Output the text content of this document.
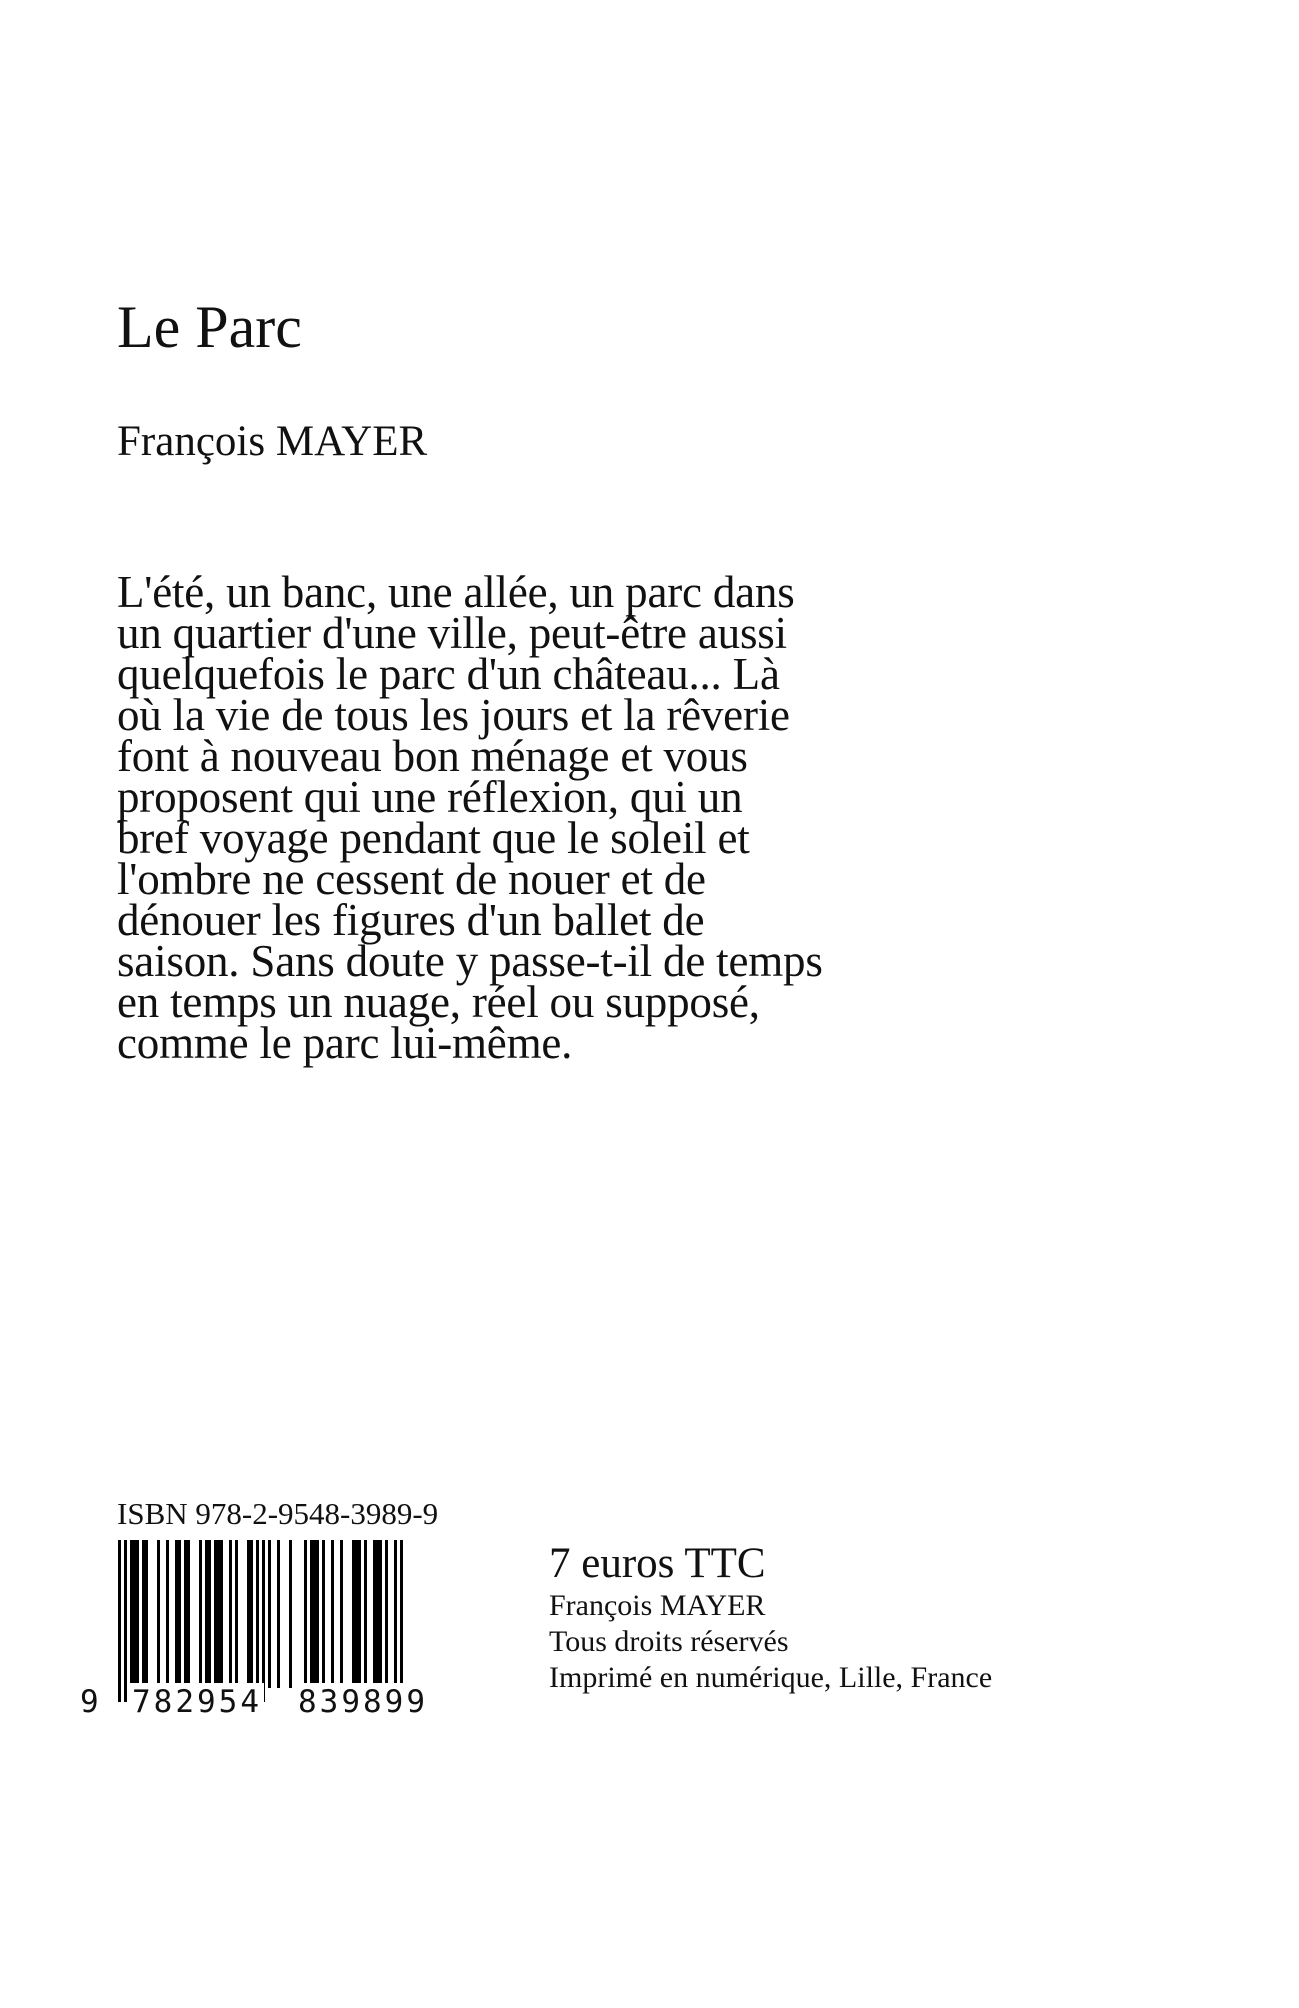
Le Parc
François MAYER
L'été, un banc, une allée, un parc dans
un quartier d'une ville, peut-être aussi
quelquefois le parc d'un château... Là
où la vie de tous les jours et la rêverie
font à nouveau bon ménage et vous
proposent qui une réflexion, qui un
bref voyage pendant que le soleil et
l'ombre ne cessent de nouer et de
dénouer les figures d'un ballet de
saison. Sans doute y passe-t-il de temps
en temps un nuage, réel ou supposé,
comme le parc lui-même.
ISBN 978-2-9548-3989-9
9 782954 839899
7 euros TTC
François MAYER
Tous droits réservés
Imprimé en numérique, Lille, France
